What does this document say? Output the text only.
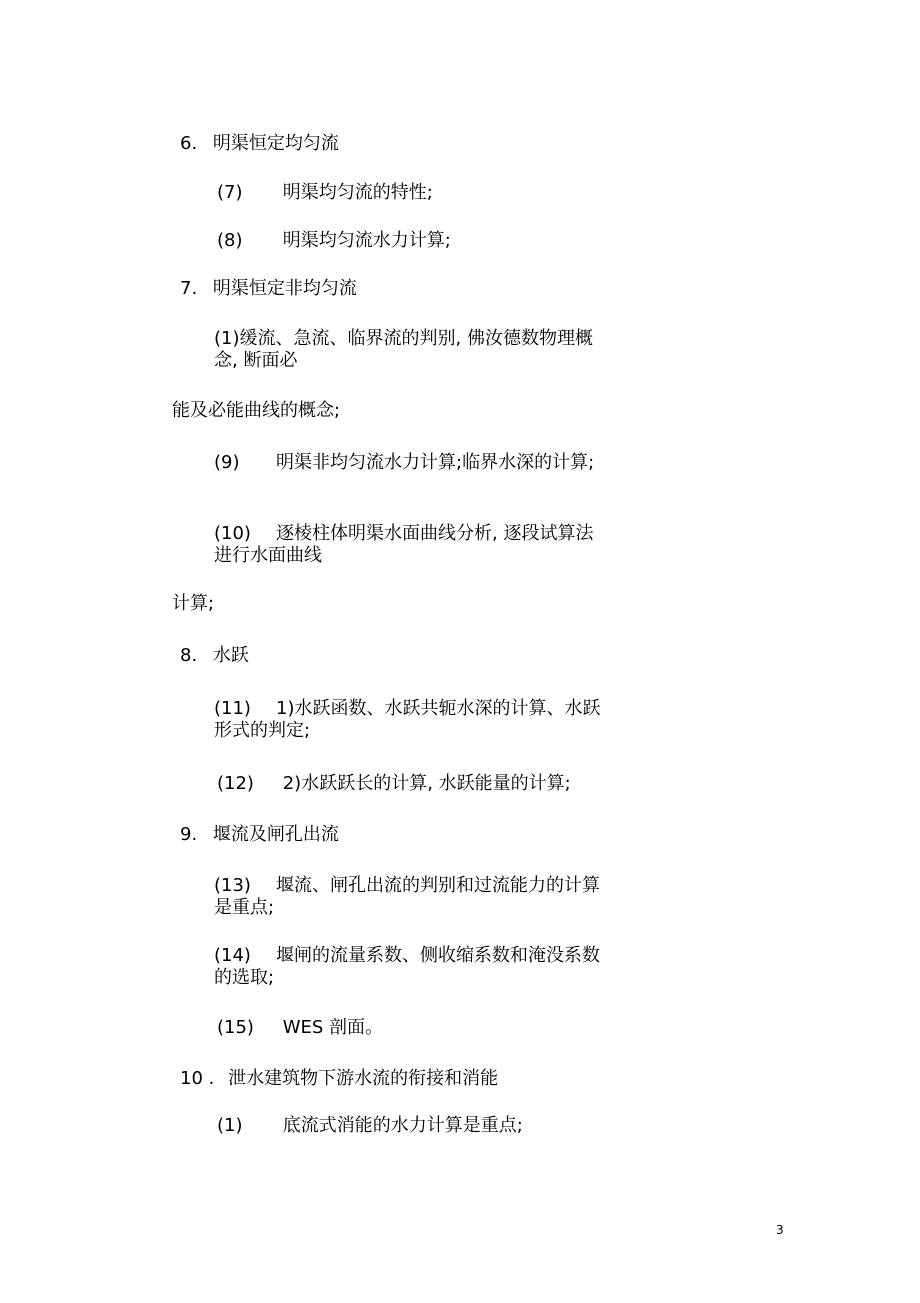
6. 明渠恒定均匀流
(7) 明渠均匀流的特性;
(8) 明渠均匀流水力计算;
7. 明渠恒定非均匀流
(1)缓流、急流、临界流的判别, 佛汝德数物理概念, 断面必
能及必能曲线的概念;
(9) 明渠非均匀流水力计算;临界水深的计算;
(10) 逐棱柱体明渠水面曲线分析, 逐段试算法进行水面曲线
计算;
8. 水跃
(11) 1)水跃函数、水跃共轭水深的计算、水跃形式的判定;
(12) 2)水跃跃长的计算, 水跃能量的计算;
9. 堰流及闸孔出流
(13) 堰流、闸孔出流的判别和过流能力的计算是重点;
(14) 堰闸的流量系数、侧收缩系数和淹没系数的选取;
(15) WES 剖面。
10 . 泄水建筑物下游水流的衔接和消能
(1) 底流式消能的水力计算是重点;
3
